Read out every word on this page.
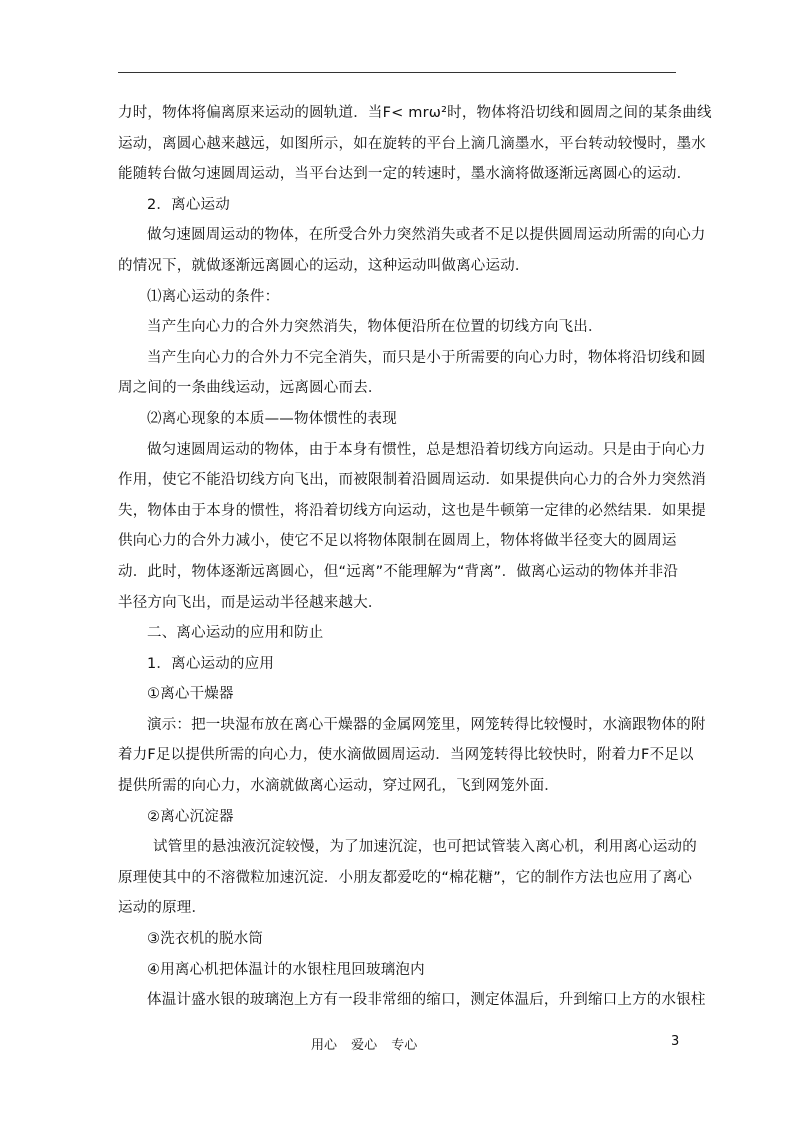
力时，物体将偏离原来运动的圆轨道．当F< mrω²时，物体将沿切线和圆周之间的某条曲线

运动，离圆心越来越远，如图所示，如在旋转的平台上滴几滴墨水，平台转动较慢时，墨水

能随转台做匀速圆周运动，当平台达到一定的转速时，墨水滴将做逐渐远离圆心的运动．

2．离心运动

做匀速圆周运动的物体，在所受合外力突然消失或者不足以提供圆周运动所需的向心力

的情况下，就做逐渐远离圆心的运动，这种运动叫做离心运动．

⑴离心运动的条件：

当产生向心力的合外力突然消失，物体便沿所在位置的切线方向飞出．

当产生向心力的合外力不完全消失，而只是小于所需要的向心力时，物体将沿切线和圆

周之间的一条曲线运动，远离圆心而去．

⑵离心现象的本质——物体惯性的表现

做匀速圆周运动的物体，由于本身有惯性，总是想沿着切线方向运动。只是由于向心力

作用，使它不能沿切线方向飞出，而被限制着沿圆周运动．如果提供向心力的合外力突然消

失，物体由于本身的惯性，将沿着切线方向运动，这也是牛顿第一定律的必然结果．如果提

供向心力的合外力减小，使它不足以将物体限制在圆周上，物体将做半径变大的圆周运

动．此时，物体逐渐远离圆心，但“远离”不能理解为“背离”．做离心运动的物体并非沿

半径方向飞出，而是运动半径越来越大．

二、离心运动的应用和防止

1．离心运动的应用

①离心干燥器

演示：把一块湿布放在离心干燥器的金属网笼里，网笼转得比较慢时，水滴跟物体的附

着力F足以提供所需的向心力，使水滴做圆周运动．当网笼转得比较快时，附着力F不足以

提供所需的向心力，水滴就做离心运动，穿过网孔，飞到网笼外面．

②离心沉淀器

试管里的悬浊液沉淀较慢，为了加速沉淀，也可把试管装入离心机，利用离心运动的

原理使其中的不溶微粒加速沉淀．小朋友都爱吃的“棉花糖”，它的制作方法也应用了离心

运动的原理．

③洗衣机的脱水筒

④用离心机把体温计的水银柱甩回玻璃泡内

体温计盛水银的玻璃泡上方有一段非常细的缩口，测定体温后，升到缩口上方的水银柱

用心 爱心 专心	3
